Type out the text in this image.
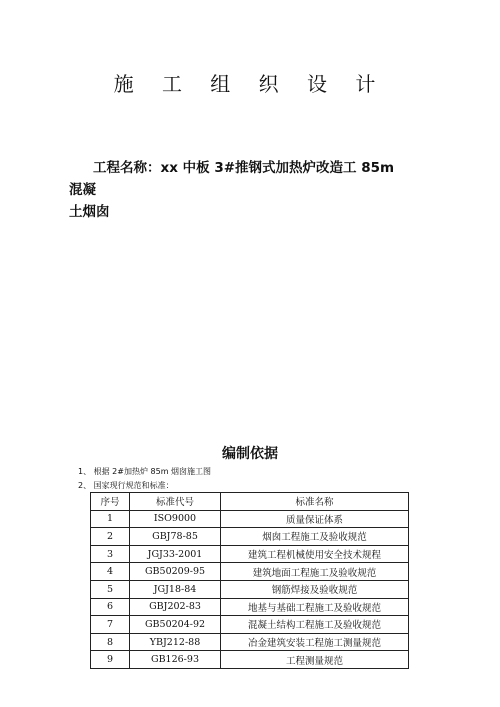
施 工 组 织 设 计
工程名称：xx 中板 3#推钢式加热炉改造工 85m 混凝
土烟囱
编制依据
1、 根据 2#加热炉 85m 烟囱施工图
2、 国家现行规范和标准：
序号	标准代号	标准名称
1	ISO9000	质量保证体系
2	GBJ78-85	烟囱工程施工及验收规范
3	JGJ33-2001	建筑工程机械使用安全技术规程
4	GB50209-95	建筑地面工程施工及验收规范
5	JGJ18-84	钢筋焊接及验收规范
6	GBJ202-83	地基与基础工程施工及验收规范
7	GB50204-92	混凝土结构工程施工及验收规范
8	YBJ212-88	冶金建筑安装工程施工测量规范
9	GB126-93	工程测量规范
